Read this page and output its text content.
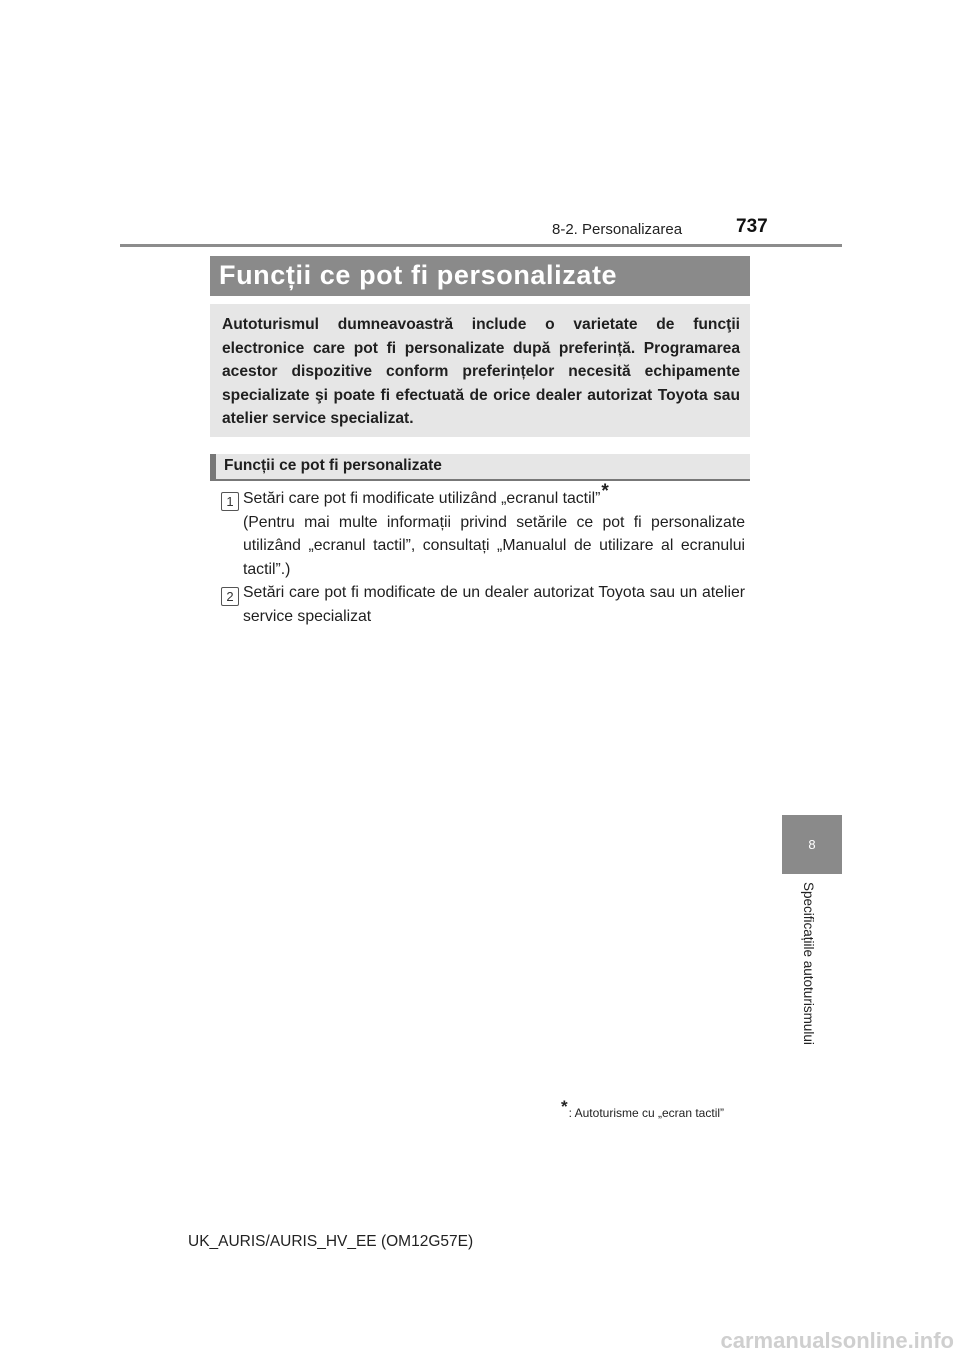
8-2. Personalizarea	737
Funcții ce pot fi personalizate

Autoturismul dumneavoastră include o varietate de funcţii electronice care pot fi personalizate după preferință. Programarea acestor dispozitive conform preferințelor necesită echipamente specializate şi poate fi efectuată de orice dealer autorizat Toyota sau atelier service specializat.

Funcții ce pot fi personalizate
1 Setări care pot fi modificate utilizând „ecranul tactil”*

(Pentru mai multe informații privind setările ce pot fi personalizate utilizând „ecranul tactil”, consultați „Manualul de utilizare al ecranului tactil”.)

2 Setări care pot fi modificate de un dealer autorizat Toyota sau un atelier service specializat

*: Autoturisme cu „ecran tactil”
8
Specificațiile autoturismului
UK_AURIS/AURIS_HV_EE (OM12G57E)
carmanualsonline.info
